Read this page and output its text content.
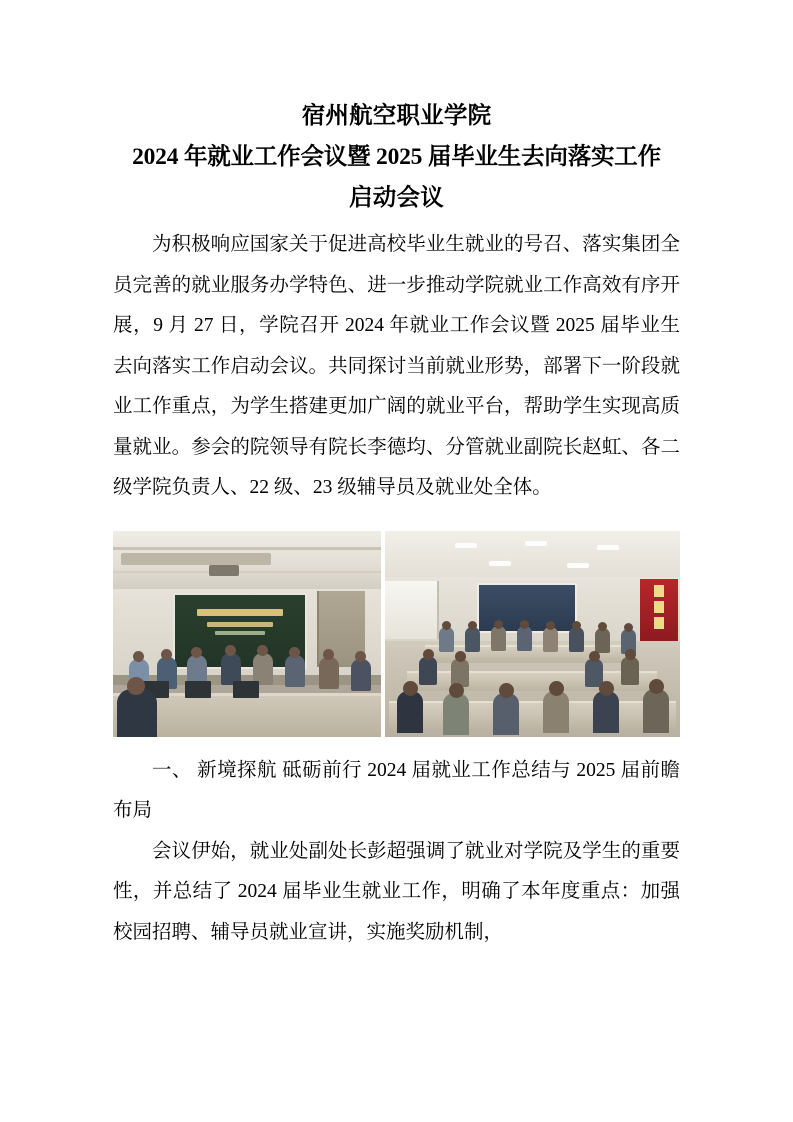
宿州航空职业学院
2024 年就业工作会议暨 2025 届毕业生去向落实工作
启动会议

为积极响应国家关于促进高校毕业生就业的号召、落实集团全员完善的就业服务办学特色、进一步推动学院就业工作高效有序开展，9 月 27 日，学院召开 2024 年就业工作会议暨 2025 届毕业生去向落实工作启动会议。共同探讨当前就业形势，部署下一阶段就业工作重点，为学生搭建更加广阔的就业平台，帮助学生实现高质量就业。参会的院领导有院长李德均、分管就业副院长赵虹、各二级学院负责人、22 级、23 级辅导员及就业处全体。

一、 新境探航 砥砺前行 2024 届就业工作总结与 2025 届前瞻布局

会议伊始，就业处副处长彭超强调了就业对学院及学生的重要性，并总结了 2024 届毕业生就业工作，明确了本年度重点：加强校园招聘、辅导员就业宣讲，实施奖励机制，
